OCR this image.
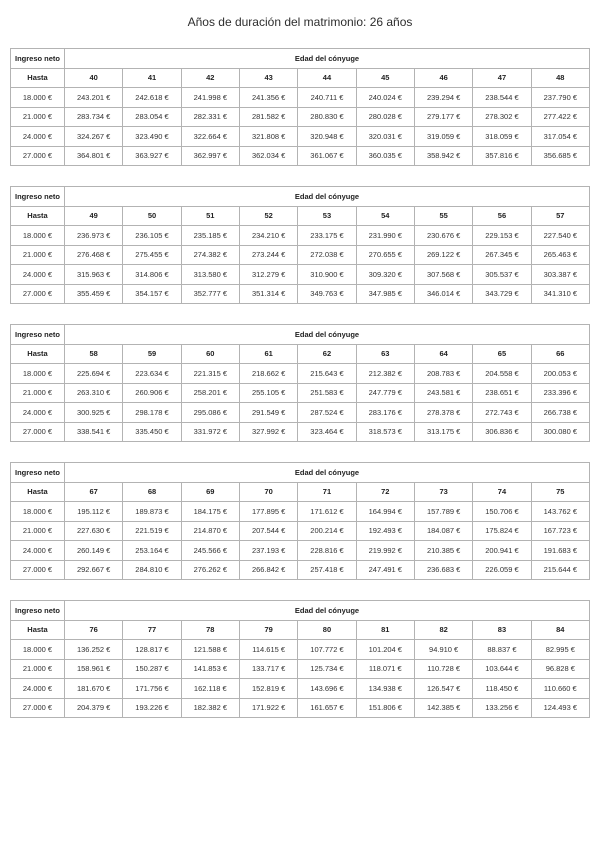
Años de duración del matrimonio: 26 años
Ingreso neto	Edad del cónyuge								
Hasta	40	41	42	43	44	45	46	47	48
18.000 €	243.201 €	242.618 €	241.998 €	241.356 €	240.711 €	240.024 €	239.294 €	238.544 €	237.790 €
21.000 €	283.734 €	283.054 €	282.331 €	281.582 €	280.830 €	280.028 €	279.177 €	278.302 €	277.422 €
24.000 €	324.267 €	323.490 €	322.664 €	321.808 €	320.948 €	320.031 €	319.059 €	318.059 €	317.054 €
27.000 €	364.801 €	363.927 €	362.997 €	362.034 €	361.067 €	360.035 €	358.942 €	357.816 €	356.685 €
Ingreso neto	Edad del cónyuge								
Hasta	49	50	51	52	53	54	55	56	57
18.000 €	236.973 €	236.105 €	235.185 €	234.210 €	233.175 €	231.990 €	230.676 €	229.153 €	227.540 €
21.000 €	276.468 €	275.455 €	274.382 €	273.244 €	272.038 €	270.655 €	269.122 €	267.345 €	265.463 €
24.000 €	315.963 €	314.806 €	313.580 €	312.279 €	310.900 €	309.320 €	307.568 €	305.537 €	303.387 €
27.000 €	355.459 €	354.157 €	352.777 €	351.314 €	349.763 €	347.985 €	346.014 €	343.729 €	341.310 €
Ingreso neto	Edad del cónyuge								
Hasta	58	59	60	61	62	63	64	65	66
18.000 €	225.694 €	223.634 €	221.315 €	218.662 €	215.643 €	212.382 €	208.783 €	204.558 €	200.053 €
21.000 €	263.310 €	260.906 €	258.201 €	255.105 €	251.583 €	247.779 €	243.581 €	238.651 €	233.396 €
24.000 €	300.925 €	298.178 €	295.086 €	291.549 €	287.524 €	283.176 €	278.378 €	272.743 €	266.738 €
27.000 €	338.541 €	335.450 €	331.972 €	327.992 €	323.464 €	318.573 €	313.175 €	306.836 €	300.080 €
Ingreso neto	Edad del cónyuge								
Hasta	67	68	69	70	71	72	73	74	75
18.000 €	195.112 €	189.873 €	184.175 €	177.895 €	171.612 €	164.994 €	157.789 €	150.706 €	143.762 €
21.000 €	227.630 €	221.519 €	214.870 €	207.544 €	200.214 €	192.493 €	184.087 €	175.824 €	167.723 €
24.000 €	260.149 €	253.164 €	245.566 €	237.193 €	228.816 €	219.992 €	210.385 €	200.941 €	191.683 €
27.000 €	292.667 €	284.810 €	276.262 €	266.842 €	257.418 €	247.491 €	236.683 €	226.059 €	215.644 €
Ingreso neto	Edad del cónyuge								
Hasta	76	77	78	79	80	81	82	83	84
18.000 €	136.252 €	128.817 €	121.588 €	114.615 €	107.772 €	101.204 €	94.910 €	88.837 €	82.995 €
21.000 €	158.961 €	150.287 €	141.853 €	133.717 €	125.734 €	118.071 €	110.728 €	103.644 €	96.828 €
24.000 €	181.670 €	171.756 €	162.118 €	152.819 €	143.696 €	134.938 €	126.547 €	118.450 €	110.660 €
27.000 €	204.379 €	193.226 €	182.382 €	171.922 €	161.657 €	151.806 €	142.385 €	133.256 €	124.493 €
